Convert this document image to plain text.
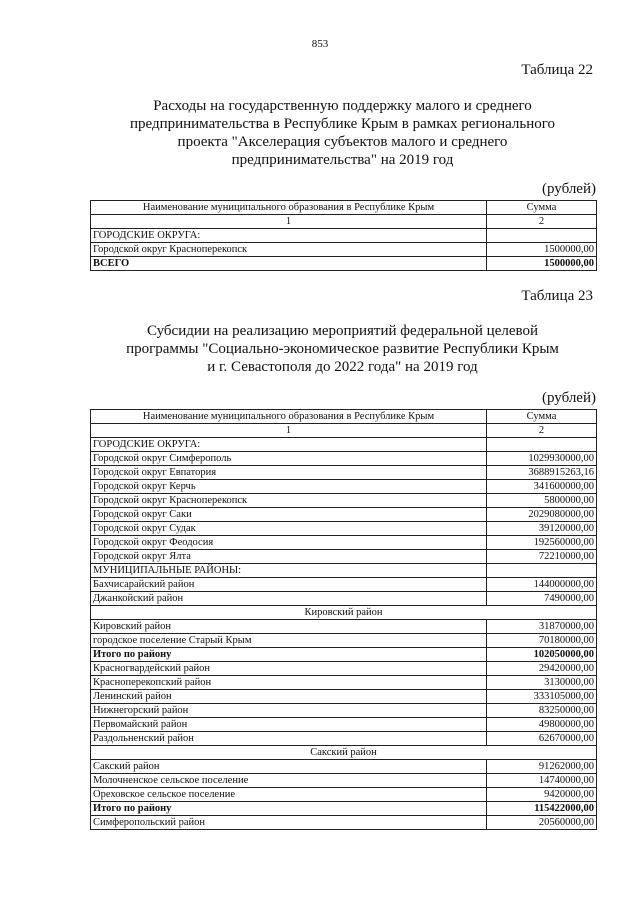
853
Таблица 22
Расходы на государственную поддержку малого и среднего
предпринимательства в Республике Крым в рамках регионального
проекта "Акселерация субъектов малого и среднего
предпринимательства" на 2019 год
(рублей)
Наименование муниципального образования в Республике Крым	Сумма
1	2
ГОРОДСКИЕ ОКРУГА:	
Городской округ Красноперекопск	1500000,00
ВСЕГО	1500000,00
Таблица 23
Субсидии на реализацию мероприятий федеральной целевой
программы "Социально-экономическое развитие Республики Крым
и г. Севастополя до 2022 года" на 2019 год
(рублей)
Наименование муниципального образования в Республике Крым	Сумма
1	2
ГОРОДСКИЕ ОКРУГА:	
Городской округ Симферополь	1029930000,00
Городской округ Евпатория	3688915263,16
Городской округ Керчь	341600000,00
Городской округ Красноперекопск	5800000,00
Городской округ Саки	2029080000,00
Городской округ Судак	39120000,00
Городской округ Феодосия	192560000,00
Городской округ Ялта	72210000,00
МУНИЦИПАЛЬНЫЕ РАЙОНЫ:	
Бахчисарайский район	144000000,00
Джанкойский район	7490000,00
Кировский район	
Кировский район	31870000,00
городское поселение Старый Крым	70180000,00
Итого по району	102050000,00
Красногвардейский район	29420000,00
Красноперекопский район	3130000,00
Ленинский район	333105000,00
Нижнегорский район	83250000,00
Первомайский район	49800000,00
Раздольненский район	62670000,00
Сакский район	
Сакский район	91262000,00
Молочненское сельское поселение	14740000,00
Ореховское сельское поселение	9420000,00
Итого по району	115422000,00
Симферопольский район	20560000,00
